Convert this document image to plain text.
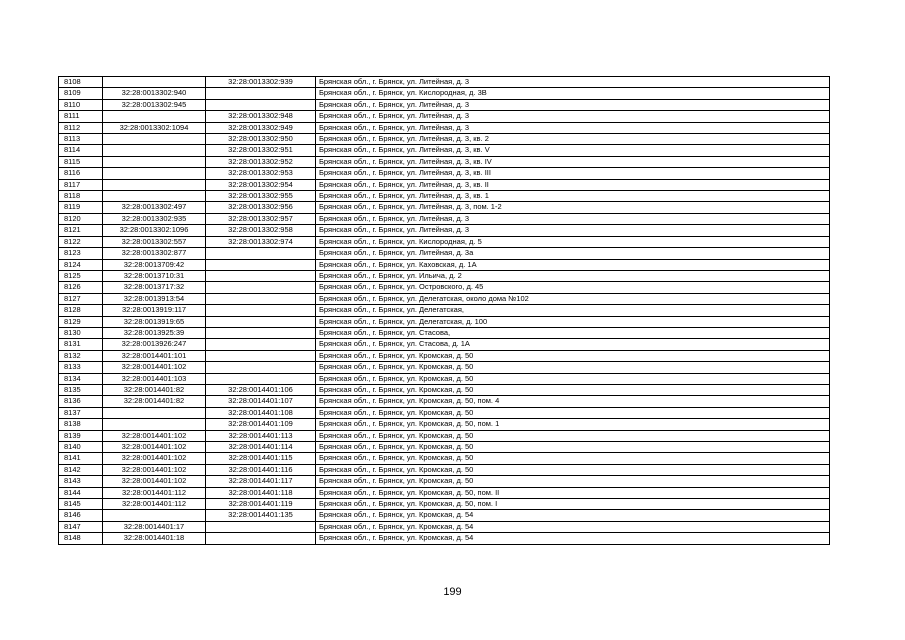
8108		32:28:0013302:939	Брянская обл., г. Брянск, ул. Литейная, д. 3
8109	32:28:0013302:940		Брянская обл., г. Брянск, ул. Кислородная, д. 3В
8110	32:28:0013302:945		Брянская обл., г. Брянск, ул. Литейная, д. 3
8111		32:28:0013302:948	Брянская обл., г. Брянск, ул. Литейная, д. 3
8112	32:28:0013302:1094	32:28:0013302:949	Брянская обл., г. Брянск, ул. Литейная, д. 3
8113		32:28:0013302:950	Брянская обл., г. Брянск, ул. Литейная, д. 3, кв. 2
8114		32:28:0013302:951	Брянская обл., г. Брянск, ул. Литейная, д. 3, кв. V
8115		32:28:0013302:952	Брянская обл., г. Брянск, ул. Литейная, д. 3, кв. IV
8116		32:28:0013302:953	Брянская обл., г. Брянск, ул. Литейная, д. 3, кв. III
8117		32:28:0013302:954	Брянская обл., г. Брянск, ул. Литейная, д. 3, кв. II
8118		32:28:0013302:955	Брянская обл., г. Брянск, ул. Литейная, д. 3, кв. 1
8119	32:28:0013302:497	32:28:0013302:956	Брянская обл., г. Брянск, ул. Литейная, д. 3, пом. 1-2
8120	32:28:0013302:935	32:28:0013302:957	Брянская обл., г. Брянск, ул. Литейная, д. 3
8121	32:28:0013302:1096	32:28:0013302:958	Брянская обл., г. Брянск, ул. Литейная, д. 3
8122	32:28:0013302:557	32:28:0013302:974	Брянская обл., г. Брянск, ул. Кислородная, д. 5
8123	32:28:0013302:877		Брянская обл., г. Брянск, ул. Литейная, д. 3а
8124	32:28:0013709:42		Брянская обл., г. Брянск, ул. Каховская, д. 1А
8125	32:28:0013710:31		Брянская обл., г. Брянск, ул. Ильича, д. 2
8126	32:28:0013717:32		Брянская обл., г. Брянск, ул. Островского, д. 45
8127	32:28:0013913:54		Брянская обл., г. Брянск, ул. Делегатская, около дома №102
8128	32:28:0013919:117		Брянская обл., г. Брянск, ул. Делегатская,
8129	32:28:0013919:65		Брянская обл., г. Брянск, ул. Делегатская, д. 100
8130	32:28:0013925:39		Брянская обл., г. Брянск, ул. Стасова,
8131	32:28:0013926:247		Брянская обл., г. Брянск, ул. Стасова, д. 1А
8132	32:28:0014401:101		Брянская обл., г. Брянск, ул. Кромская, д. 50
8133	32:28:0014401:102		Брянская обл., г. Брянск, ул. Кромская, д. 50
8134	32:28:0014401:103		Брянская обл., г. Брянск, ул. Кромская, д. 50
8135	32:28:0014401:82	32:28:0014401:106	Брянская обл., г. Брянск, ул. Кромская, д. 50
8136	32:28:0014401:82	32:28:0014401:107	Брянская обл., г. Брянск, ул. Кромская, д. 50, пом. 4
8137		32:28:0014401:108	Брянская обл., г. Брянск, ул. Кромская, д. 50
8138		32:28:0014401:109	Брянская обл., г. Брянск, ул. Кромская, д. 50, пом. 1
8139	32:28:0014401:102	32:28:0014401:113	Брянская обл., г. Брянск, ул. Кромская, д. 50
8140	32:28:0014401:102	32:28:0014401:114	Брянская обл., г. Брянск, ул. Кромская, д. 50
8141	32:28:0014401:102	32:28:0014401:115	Брянская обл., г. Брянск, ул. Кромская, д. 50
8142	32:28:0014401:102	32:28:0014401:116	Брянская обл., г. Брянск, ул. Кромская, д. 50
8143	32:28:0014401:102	32:28:0014401:117	Брянская обл., г. Брянск, ул. Кромская, д. 50
8144	32:28:0014401:112	32:28:0014401:118	Брянская обл., г. Брянск, ул. Кромская, д. 50, пом. II
8145	32:28:0014401:112	32:28:0014401:119	Брянская обл., г. Брянск, ул. Кромская, д. 50, пом. I
8146		32:28:0014401:135	Брянская обл., г. Брянск, ул. Кромская, д. 54
8147	32:28:0014401:17		Брянская обл., г. Брянск, ул. Кромская, д. 54
8148	32:28:0014401:18		Брянская обл., г. Брянск, ул. Кромская, д. 54
199
